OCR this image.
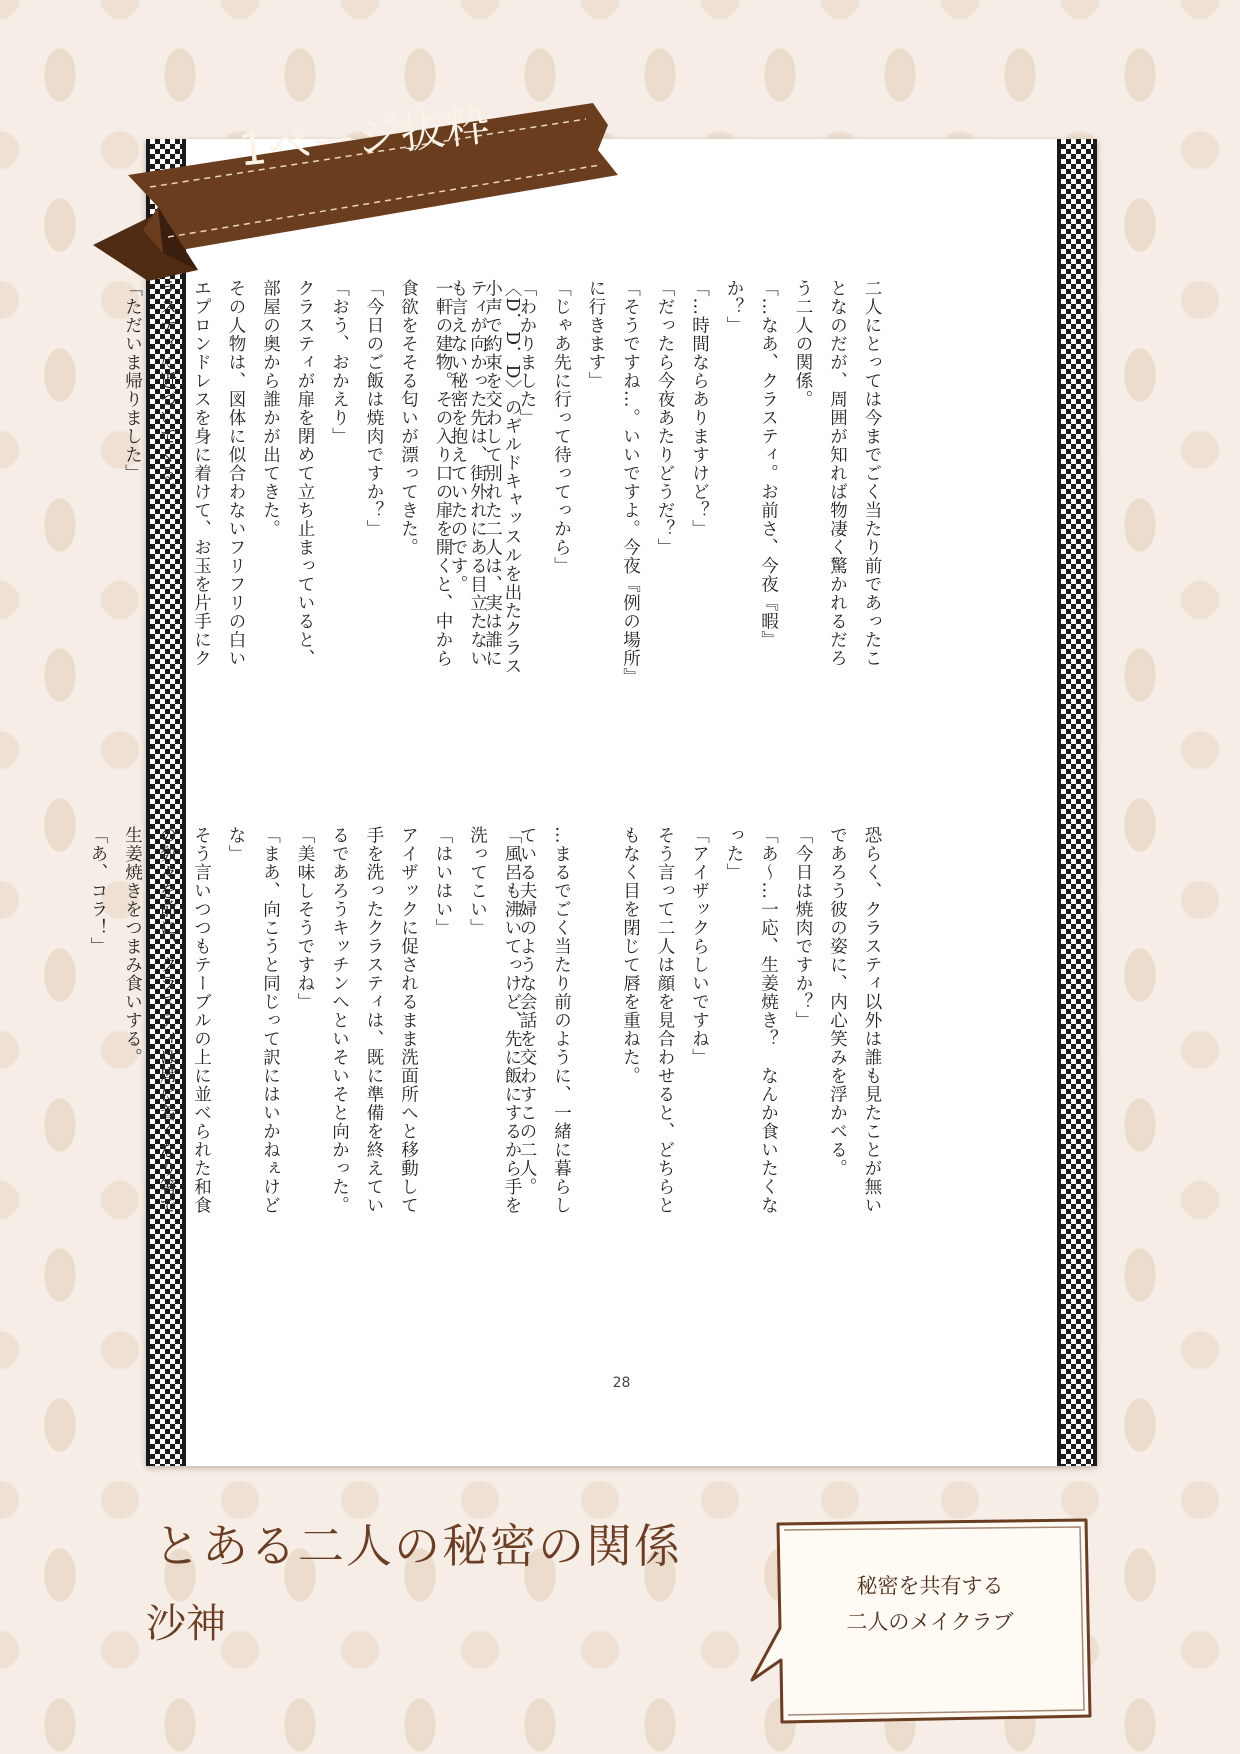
二人にとっては今までごく当たり前であったことなのだが、周囲が知れば物凄く驚かれるだろう二人の関係。

「…なあ、クラスティ。お前さ、今夜『暇』か？」

「…時間ならありますけど？」

「だったら今夜あたりどうだ？」

「そうですね…。いいですよ。今夜『例の場所』に行きます」

「じゃあ先に行って待ってっから」

「わかりました」

小声で約束を交わして別れた二人は、実は誰にも言えない秘密を抱えていたのです。	〈D．D．D〉のギルドキャッスルを出たクラスティが向かった先は、街外れにある目立たない一軒の建物。その入り口の扉を開くと、中から食欲をそそる匂いが漂ってきた。

「今日のご飯は焼肉ですか？」

「おう、おかえり」

クラスティが扉を閉めて立ち止まっていると、部屋の奥から誰かが出てきた。

その人物は、図体に似合わないフリフリの白いエプロンドレスを身に着けて、お玉を片手にクラスティに近づいてくる。

「ただいま帰りました」

恐らく、クラスティ以外は誰も見たことが無いであろう彼の姿に、内心笑みを浮かべる。

「今日は焼肉ですか？」

「あ～…一応、生姜焼き？　なんか食いたくなった」

「アイザックらしいですね」

そう言って二人は顔を見合わせると、どちらともなく目を閉じて唇を重ねた。

…まるでごく当たり前のように、一緒に暮らしている夫婦のような会話を交わすこの二人。

「風呂も沸いてっけど、先に飯にするから手を洗ってこい」

「はいはい」

アイザックに促されるまま洗面所へと移動して手を洗ったクラスティは、既に準備を終えているであろうキッチンへといそいそと向かった。

「美味しそうですね」

「まあ、向こうと同じって訳にはいかねぇけどな」

そう言いつつもテーブルの上に並べられた和食の数々を前に、クラスティは席に着くなり箸で生姜焼きをつまみ食いする。

「あ、コラ！」

28
1ページ抜粋
とある二人の秘密の関係
沙神
秘密を共有する
二人のメイクラブ
